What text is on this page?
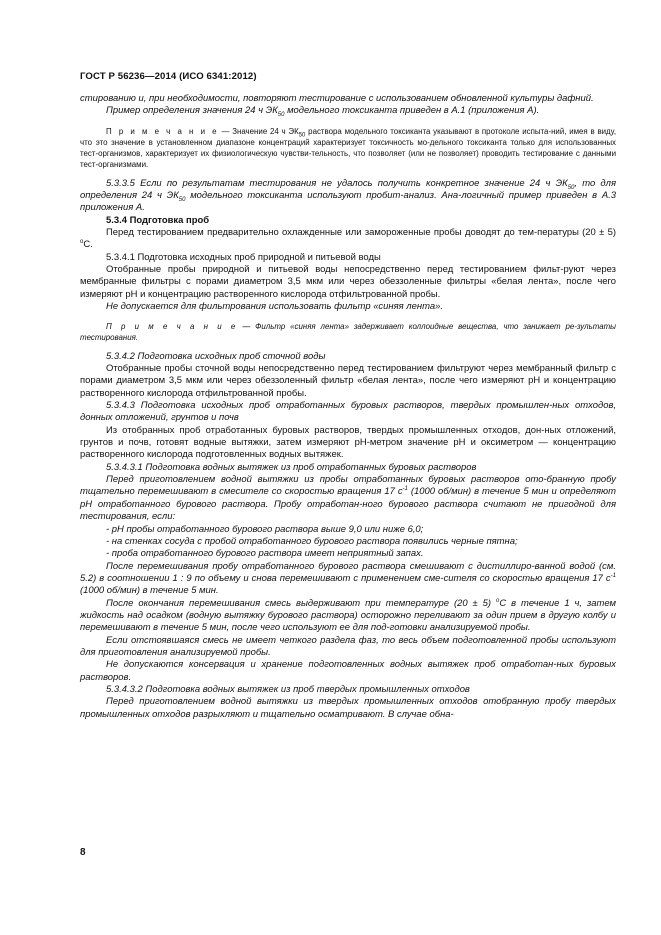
ГОСТ Р 56236—2014 (ИСО 6341:2012)

стированию и, при необходимости, повторяют тестирование с использованием обновленной культуры дафний.

Пример определения значения 24 ч $ЭК_{50}$ модельного токсиканта приведен в А.1 (приложения А).

П р и м е ч а н и е — Значение 24 ч $ЭК_{50}$ раствора модельного токсиканта указывают в протоколе испыта-ний, имея в виду, что это значение в установленном диапазоне концентраций характеризует токсичность мо-дельного токсиканта только для использованных тест-организмов, характеризует их физиологическую чувстви-тельность, что позволяет (или не позволяет) проводить тестирование с данными тест-организмами.

5.3.3.5 Если по результатам тестирования не удалось получить конкретное значение 24 ч $ЭК_{50}$, то для определения 24 ч $ЭК_{50}$ модельного токсиканта используют пробит-анализ. Ана-логичный пример приведен в А.3 приложения А.

5.3.4 Подготовка проб

Перед тестированием предварительно охлажденные или замороженные пробы доводят до тем-пературы (20 ± 5) $^о$С.

5.3.4.1 Подготовка исходных проб природной и питьевой воды

Отобранные пробы природной и питьевой воды непосредственно перед тестированием фильт-руют через мембранные фильтры с порами диаметром 3,5 мкм или через обеззоленные фильтры «белая лента», после чего измеряют рН и концентрацию растворенного кислорода отфильтрованной пробы.

Не допускается для фильтрования использовать фильтр «синяя лента».

П р и м е ч а н и е — Фильтр «синяя лента» задерживает коллоидные вещества, что занижает ре-зультаты тестирования.

5.3.4.2 Подготовка исходных проб сточной воды

Отобранные пробы сточной воды непосредственно перед тестированием фильтруют через мембранный фильтр с порами диаметром 3,5 мкм или через обеззоленный фильтр «белая лента», после чего измеряют рН и концентрацию растворенного кислорода отфильтрованной пробы.

5.3.4.3 Подготовка исходных проб отработанных буровых растворов, твердых промышлен-ных отходов, донных отложений, грунтов и почв

Из отобранных проб отработанных буровых растворов, твердых промышленных отходов, дон-ных отложений, грунтов и почв, готовят водные вытяжки, затем измеряют рН-метром значение рН и оксиметром — концентрацию растворенного кислорода подготовленных водных вытяжек.

5.3.4.3.1 Подготовка водных вытяжек из проб отработанных буровых растворов

Перед приготовлением водной вытяжки из пробы отработанных буровых растворов ото-бранную пробу тщательно перемешивают в смесителе со скоростью вращения 17 $с^{-1}$ (1000 об/мин) в течение 5 мин и определяют рН отработанного бурового раствора. Пробу отработан-ного бурового раствора считают не пригодной для тестирования, если:

- рН пробы отработанного бурового раствора выше 9,0 или ниже 6,0;

- на стенках сосуда с пробой отработанного бурового раствора появились черные пятна;

- проба отработанного бурового раствора имеет неприятный запах.

После перемешивания пробу отработанного бурового раствора смешивают с дистиллиро-ванной водой (см. 5.2) в соотношении 1 : 9 по объему и снова перемешивают с применением сме-сителя со скоростью вращения 17 $с^{-1}$ (1000 об/мин) в течение 5 мин.

После окончания перемешивания смесь выдерживают при температуре (20 ± 5) $^о$С в течение 1 ч, затем жидкость над осадком (водную вытяжку бурового раствора) осторожно переливают за один прием в другую колбу и перемешивают в течение 5 мин, после чего используют ее для под-готовки анализируемой пробы.

Если отстоявшаяся смесь не имеет четкого раздела фаз, то весь объем подготовленной пробы используют для приготовления анализируемой пробы.

Не допускаются консервация и хранение подготовленных водных вытяжек проб отработан-ных буровых растворов.

5.3.4.3.2 Подготовка водных вытяжек из проб твердых промышленных отходов

Перед приготовлением водной вытяжки из твердых промышленных отходов отобранную пробу твердых промышленных отходов разрыхляют и тщательно осматривают. В случае обна-

8
